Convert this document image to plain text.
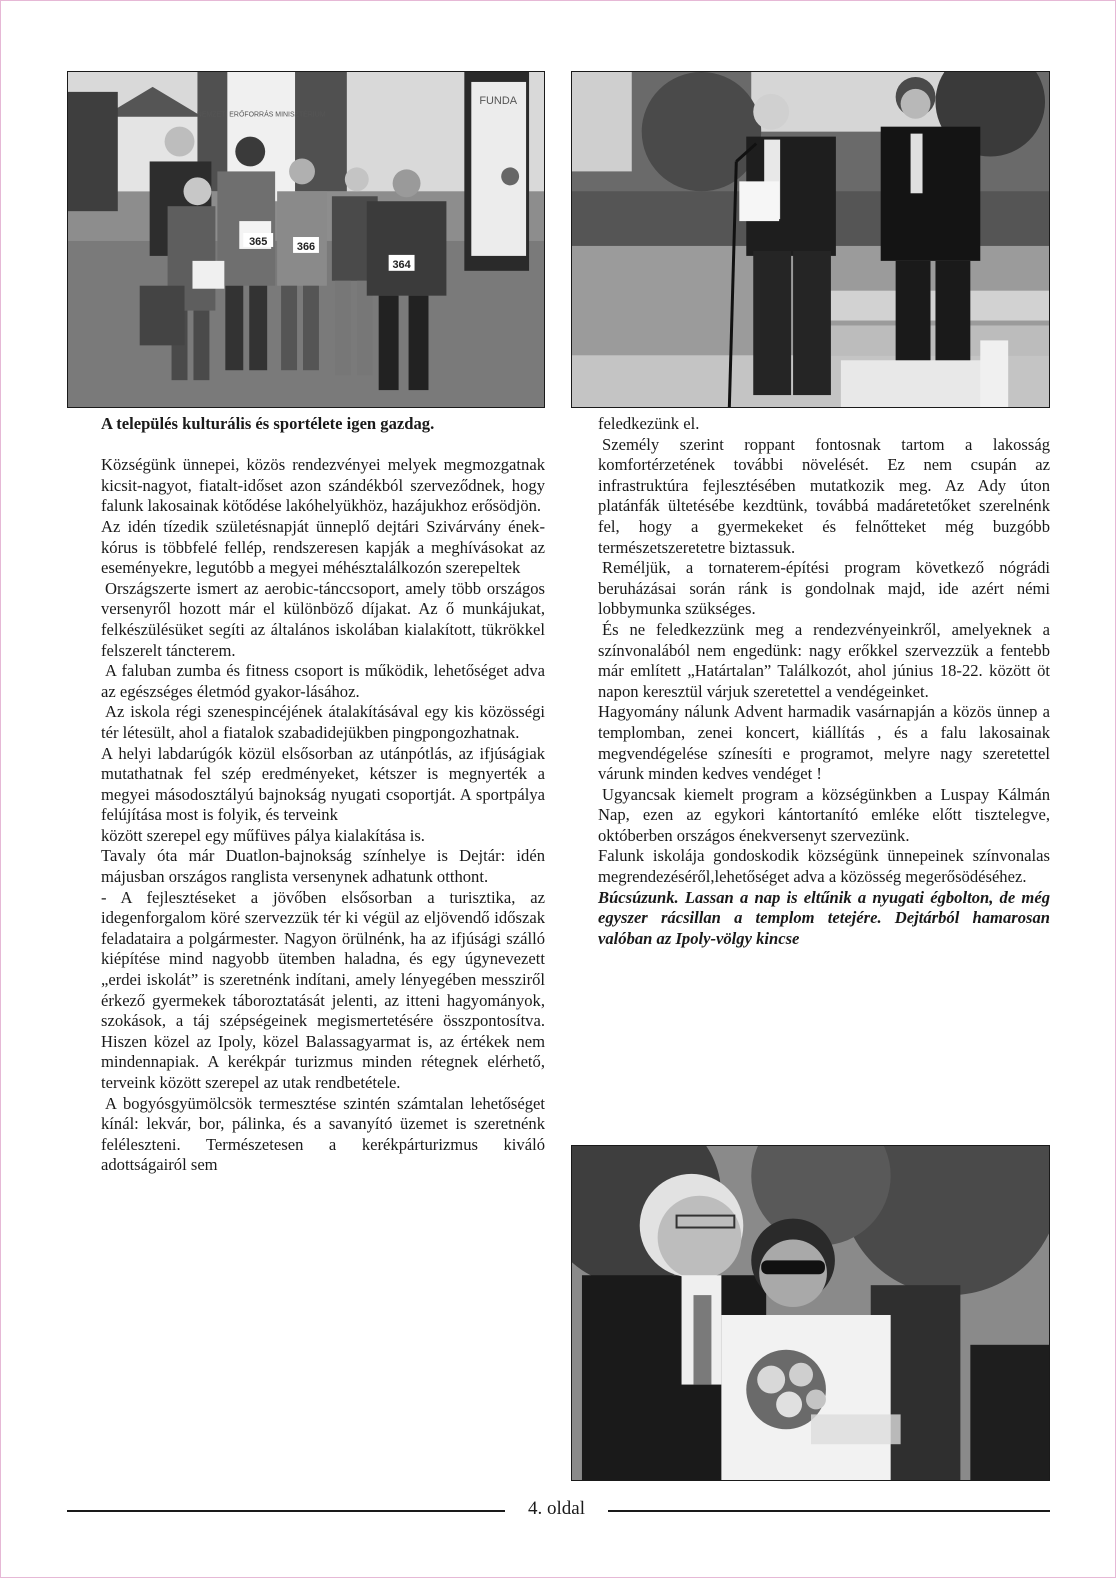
NEMZETI ERŐFORRÁS MINISZTÉRIUM
FUNDA
365	366
364

A település kulturális és sportélete igen gazdag.

Községünk ünnepei, közös rendezvényei melyek megmozgatnak kicsit-nagyot, fiatalt-időset azon szándékból szerveződnek, hogy falunk lakosainak kötődése lakóhelyükhöz, hazájukhoz erősödjön.

Az idén tízedik születésnapját ünneplő dejtári Szivárvány ének-kórus is többfelé fellép, rendszeresen kapják a meghívásokat az eseményekre, legutóbb a megyei méhésztalálkozón szerepeltek

Országszerte ismert az aerobic-tánccsoport, amely több országos versenyről hozott már el különböző díjakat. Az ő munkájukat, felkészülésüket segíti az általános iskolában kialakított, tükrökkel felszerelt táncterem.

A faluban zumba és fitness csoport is működik, lehetőséget adva az egészséges életmód gyakor-lásához.

Az iskola régi szenespincéjének átalakításával egy kis közösségi tér létesült, ahol a fiatalok szabadidejükben pingpongozhatnak.

A helyi labdarúgók közül elsősorban az utánpótlás, az ifjúságiak mutathatnak fel szép eredményeket, kétszer is megnyerték a megyei másodosztályú bajnokság nyugati csoportját. A sportpálya felújítása most is folyik, és terveink

között szerepel egy műfüves pálya kialakítása is.

Tavaly óta már Duatlon-bajnokság színhelye is Dejtár: idén májusban országos ranglista versenynek adhatunk otthont.

- A fejlesztéseket a jövőben elsősorban a turisztika, az idegenforgalom köré szervezzük tér ki végül az eljövendő időszak feladataira a polgármester. Nagyon örülnénk, ha az ifjúsági szálló kiépítése mind nagyobb ütemben haladna, és egy úgynevezett „erdei iskolát” is szeretnénk indítani, amely lényegében messziről érkező gyermekek táboroztatását jelenti, az itteni hagyományok, szokások, a táj szépségeinek megismertetésére összpontosítva. Hiszen közel az Ipoly, közel Balassagyarmat is, az értékek nem mindennapiak. A kerékpár turizmus minden rétegnek elérhető, terveink között szerepel az utak rendbetétele.

A bogyósgyümölcsök termesztése szintén számtalan lehetőséget kínál: lekvár, bor, pálinka, és a savanyító üzemet is szeretnénk feléleszteni. Természetesen a kerékpárturizmus kiváló adottságairól sem

feledkezünk el.

Személy szerint roppant fontosnak tartom a lakosság komfortérzetének további növelését. Ez nem csupán az infrastruktúra fejlesztésében mutatkozik meg. Az Ady úton platánfák ültetésébe kezdtünk, továbbá madáretetőket szerelnénk fel, hogy a gyermekeket és felnőtteket még buzgóbb természetszeretetre biztassuk.

Reméljük, a tornaterem-építési program következő nógrádi beruházásai során ránk is gondolnak majd, ide azért némi lobbymunka szükséges.

És ne feledkezzünk meg a rendezvényeinkről, amelyeknek a színvonalából nem engedünk: nagy erőkkel szervezzük a fentebb már említett „Határtalan” Találkozót, ahol június 18-22. között öt napon keresztül várjuk szeretettel a vendégeinket.

Hagyomány nálunk Advent harmadik vasárnapján a közös ünnep a templomban, zenei koncert, kiállítás , és a falu lakosainak megvendégelése színesíti e programot, melyre nagy szeretettel várunk minden kedves vendéget !

Ugyancsak kiemelt program a községünkben a Luspay Kálmán Nap, ezen az egykori kántortanító emléke előtt tisztelegve, októberben országos énekversenyt szervezünk.

Falunk iskolája gondoskodik községünk ünnepeinek színvonalas megrendezéséről,lehetőséget adva a közösség megerősödéséhez.

Búcsúzunk. Lassan a nap is eltűnik a nyugati égbolton, de még egyszer rácsillan a templom tetejére. Dejtárból hamarosan valóban az Ipoly-völgy kincse

4. oldal
